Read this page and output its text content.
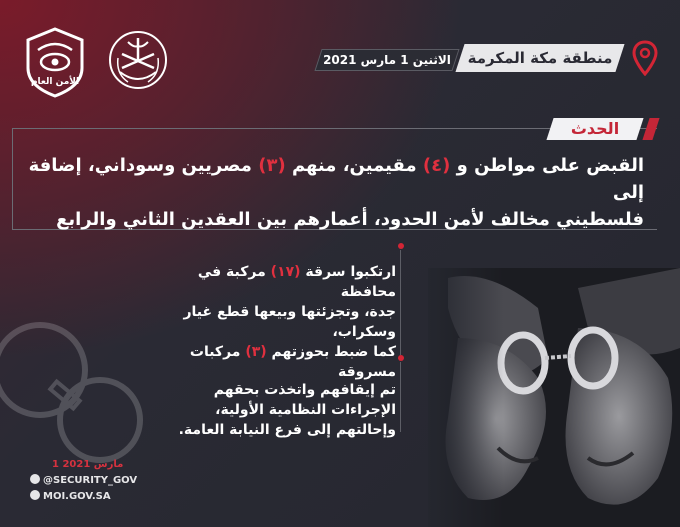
الأمن العام
الاثنين 1 مارس 2021	منطقة مكة المكرمة
الحدث
القبض على مواطن و (٤) مقيمين، منهم (٣) مصريين وسوداني، إضافة إلى
فلسطيني مخالف لأمن الحدود، أعمارهم بين العقدين الثاني والرابع
ارتكبوا سرقة (١٧) مركبة في محافظة
جدة، وتجزئتها وبيعها قطع غيار وسكراب،
كما ضبط بحوزتهم (٣) مركبات مسروقة
تم إيقافهم واتخذت بحقهم
الإجراءات النظامية الأولية،
وإحالتهم إلى فرع النيابة العامة.
1 مارس 2021
@SECURITY_GOV
MOI.GOV.SA
